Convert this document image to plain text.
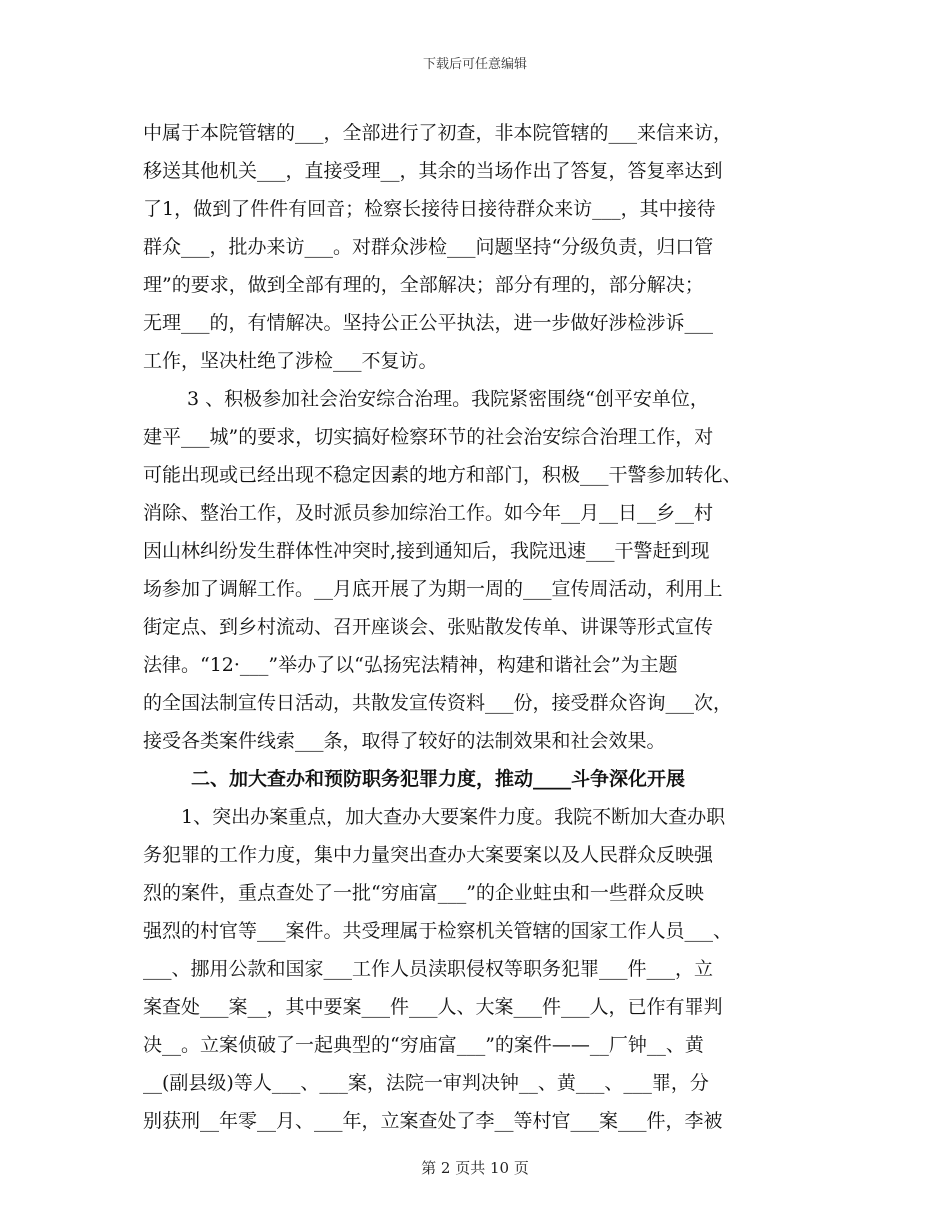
下载后可任意编辑
中属于本院管辖的___，全部进行了初查，非本院管辖的___来信来访，
移送其他机关___，直接受理__，其余的当场作出了答复，答复率达到
了1，做到了件件有回音；检察长接待日接待群众来访___，其中接待
群众___，批办来访___。对群众涉检___问题坚持“分级负责，归口管
理”的要求，做到全部有理的，全部解决；部分有理的，部分解决；
无理___的，有情解决。坚持公正公平执法，进一步做好涉检涉诉___
工作，坚决杜绝了涉检___不复访。
3 、积极参加社会治安综合治理。我院紧密围绕“创平安单位，
建平___城”的要求，切实搞好检察环节的社会治安综合治理工作，对
可能出现或已经出现不稳定因素的地方和部门，积极___干警参加转化、
消除、整治工作，及时派员参加综治工作。如今年__月__日__乡__村
因山林纠纷发生群体性冲突时,接到通知后，我院迅速___干警赶到现
场参加了调解工作。__月底开展了为期一周的___宣传周活动，利用上
街定点、到乡村流动、召开座谈会、张贴散发传单、讲课等形式宣传
法律。“12·___”举办了以“弘扬宪法精神，构建和谐社会”为主题
的全国法制宣传日活动，共散发宣传资料___份，接受群众咨询___次，
接受各类案件线索___条，取得了较好的法制效果和社会效果。
二、加大查办和预防职务犯罪力度，推动____斗争深化开展
1、突出办案重点，加大查办大要案件力度。我院不断加大查办职
务犯罪的工作力度，集中力量突出查办大案要案以及人民群众反映强
烈的案件，重点查处了一批“穷庙富___”的企业蛀虫和一些群众反映
强烈的村官等___案件。共受理属于检察机关管辖的国家工作人员___、
___、挪用公款和国家___工作人员渎职侵权等职务犯罪___件___，立
案查处___案__，其中要案___件___人、大案___件___人，已作有罪判
决__。立案侦破了一起典型的“穷庙富___”的案件——__厂钟__、黄
__(副县级)等人___、___案，法院一审判决钟__、黄___、___罪，分
别获刑__年零__月、___年，立案查处了李__等村官___案___件，李被
第 2 页共 10 页
